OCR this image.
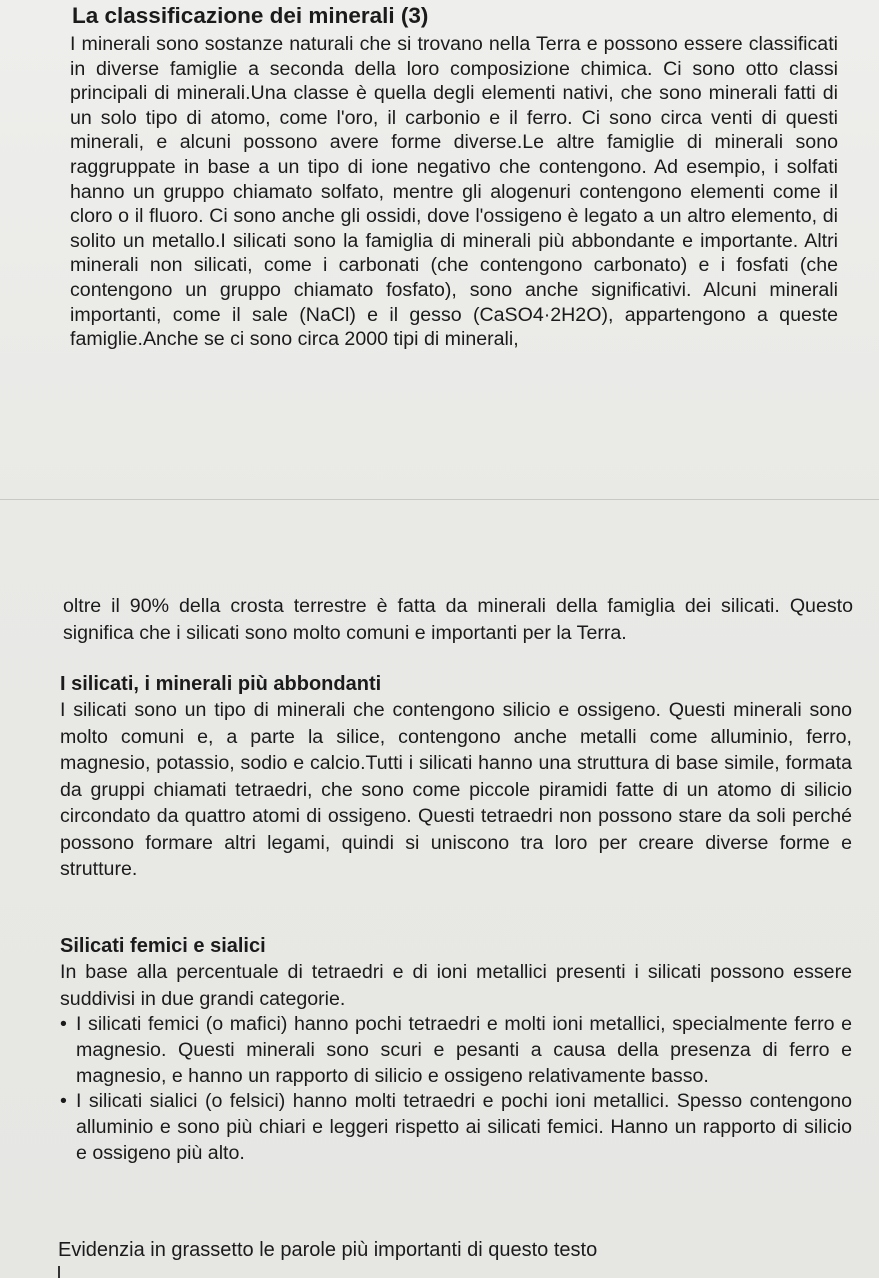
La classificazione dei minerali (3)

I minerali sono sostanze naturali che si trovano nella Terra e possono essere classificati in diverse famiglie a seconda della loro composizione chimica. Ci sono otto classi principali di minerali.Una classe è quella degli elementi nativi, che sono minerali fatti di un solo tipo di atomo, come l'oro, il carbonio e il ferro. Ci sono circa venti di questi minerali, e alcuni possono avere forme diverse.Le altre famiglie di minerali sono raggruppate in base a un tipo di ione negativo che contengono. Ad esempio, i solfati hanno un gruppo chiamato solfato, mentre gli alogenuri contengono elementi come il cloro o il fluoro. Ci sono anche gli ossidi, dove l'ossigeno è legato a un altro elemento, di solito un metallo.I silicati sono la famiglia di minerali più abbondante e importante. Altri minerali non silicati, come i carbonati (che contengono carbonato) e i fosfati (che contengono un gruppo chiamato fosfato), sono anche significativi. Alcuni minerali importanti, come il sale (NaCl) e il gesso (CaSO4·2H2O), appartengono a queste famiglie.Anche se ci sono circa 2000 tipi di minerali,

oltre il 90% della crosta terrestre è fatta da minerali della famiglia dei silicati. Questo significa che i silicati sono molto comuni e importanti per la Terra.

I silicati, i minerali più abbondanti

I silicati sono un tipo di minerali che contengono silicio e ossigeno. Questi minerali sono molto comuni e, a parte la silice, contengono anche metalli come alluminio, ferro, magnesio, potassio, sodio e calcio.Tutti i silicati hanno una struttura di base simile, formata da gruppi chiamati tetraedri, che sono come piccole piramidi fatte di un atomo di silicio circondato da quattro atomi di ossigeno. Questi tetraedri non possono stare da soli perché possono formare altri legami, quindi si uniscono tra loro per creare diverse forme e strutture.

Silicati femici e sialici

In base alla percentuale di tetraedri e di ioni metallici presenti i silicati possono essere suddivisi in due grandi categorie.

• I silicati femici (o mafici) hanno pochi tetraedri e molti ioni metallici, specialmente ferro e magnesio. Questi minerali sono scuri e pesanti a causa della presenza di ferro e magnesio, e hanno un rapporto di silicio e ossigeno relativamente basso.
• I silicati sialici (o felsici) hanno molti tetraedri e pochi ioni metallici. Spesso contengono alluminio e sono più chiari e leggeri rispetto ai silicati femici. Hanno un rapporto di silicio e ossigeno più alto.
Evidenzia in grassetto le parole più importanti di questo testo
